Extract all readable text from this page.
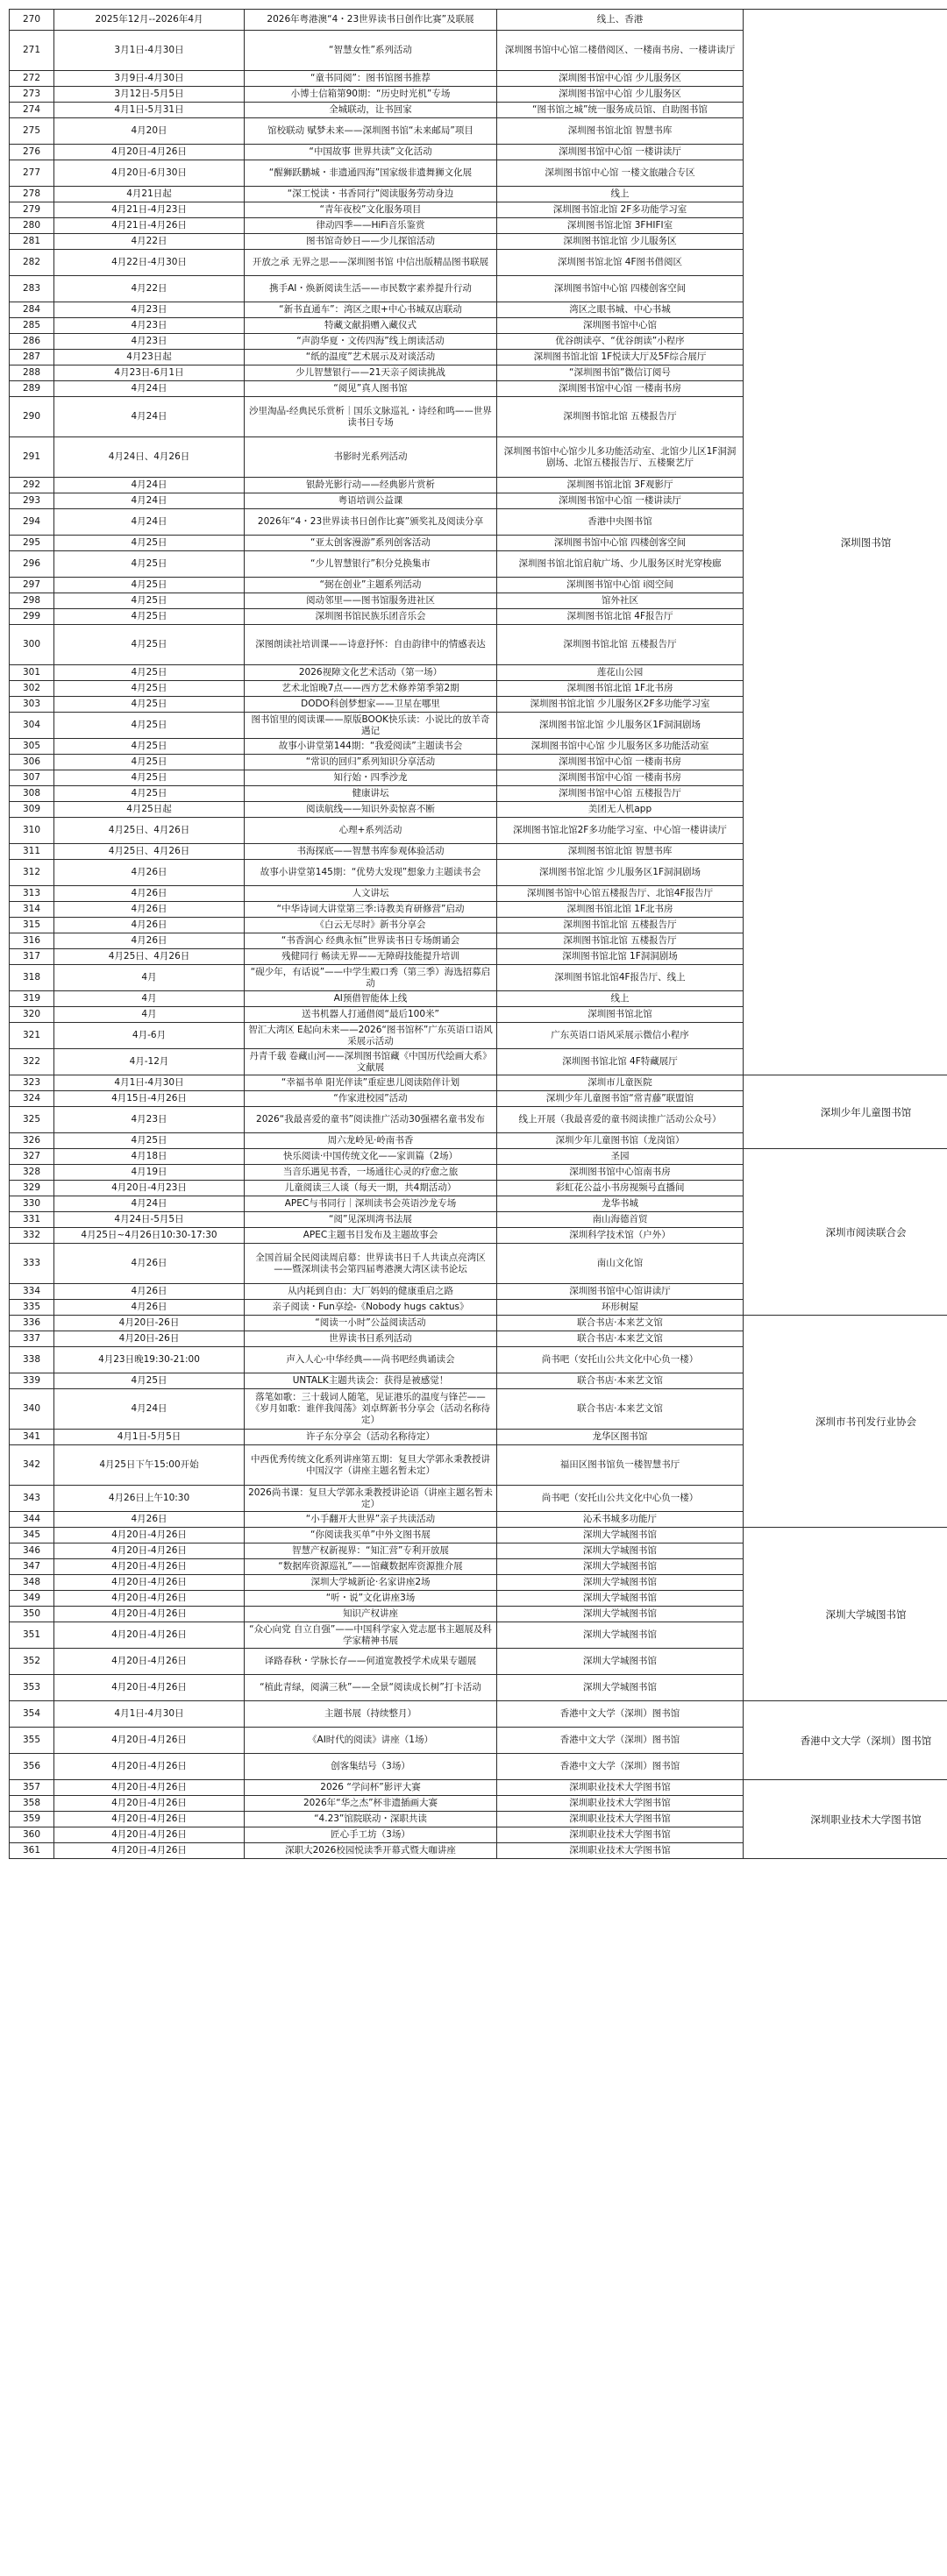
270	2025年12月--2026年4月	2026年粤港澳“4・23世界读书日创作比赛”及联展	线上、香港	深圳图书馆
271	3月1日-4月30日	“智慧女性”系列活动	深圳图书馆中心馆二楼借阅区、一楼南书房、一楼讲读厅	
272	3月9日-4月30日	“童书同阅”：图书馆图书推荐	深圳图书馆中心馆 少儿服务区	
273	3月12日-5月5日	小博士信箱第90期：“历史时光机”专场	深圳图书馆中心馆 少儿服务区	
274	4月1日-5月31日	全城联动，让书回家	“图书馆之城”统一服务成员馆、自助图书馆	
275	4月20日	馆校联动 赋梦未来——深圳图书馆“未来邮局”项目	深圳图书馆北馆 智慧书库	
276	4月20日-4月26日	“中国故事 世界共读”文化活动	深圳图书馆中心馆 一楼讲读厅	
277	4月20日-6月30日	“醒狮跃鹏城・非遗通四海”国家级非遗舞狮文化展	深圳图书馆中心馆 一楼文旅融合专区	
278	4月21日起	“深工悦读・书香同行”阅读服务劳动身边	线上	
279	4月21日-4月23日	“青年夜校”文化服务项目	深圳图书馆北馆 2F多功能学习室	
280	4月21日-4月26日	律动四季——HiFi音乐鉴赏	深圳图书馆北馆 3FHIFI室	
281	4月22日	图书馆奇妙日——少儿探馆活动	深圳图书馆北馆 少儿服务区	
282	4月22日-4月30日	开放之承 无界之思——深圳图书馆 中信出版精品图书联展	深圳图书馆北馆 4F图书借阅区	
283	4月22日	携手AI・焕新阅读生活——市民数字素养提升行动	深圳图书馆中心馆 四楼创客空间	
284	4月23日	“新书直通车”：湾区之眼+中心书城双店联动	湾区之眼书城、中心书城	
285	4月23日	特藏文献捐赠入藏仪式	深圳图书馆中心馆	
286	4月23日	“声韵华夏・文传四海”线上朗读活动	优谷朗读亭、“优谷朗读”小程序	
287	4月23日起	“纸的温度”艺术展示及对谈活动	深圳图书馆北馆 1F悦读大厅及5F综合展厅	
288	4月23日-6月1日	少儿智慧银行——21天亲子阅读挑战	“深圳图书馆”微信订阅号	
289	4月24日	“阅见”真人图书馆	深圳图书馆中心馆 一楼南书房	
290	4月24日	沙里淘晶-经典民乐赏析｜国乐文脉巡礼・诗经和鸣——世界读书日专场	深圳图书馆北馆 五楼报告厅	
291	4月24日、4月26日	书影时光系列活动	深圳图书馆中心馆少儿多功能活动室、北馆少儿区1F洞洞剧场、北馆五楼报告厅、五楼聚艺厅	
292	4月24日	银龄光影行动——经典影片赏析	深圳图书馆北馆 3F观影厅	
293	4月24日	粤语培训公益课	深圳图书馆中心馆 一楼讲读厅	
294	4月24日	2026年“4・23世界读书日创作比赛”颁奖礼及阅读分享	香港中央图书馆	
295	4月25日	“亚太创客漫游”系列创客活动	深圳图书馆中心馆 四楼创客空间	
296	4月25日	“少儿智慧银行”积分兑换集市	深圳图书馆北馆启航广场、少儿服务区时光穿梭廊	
297	4月25日	“弼在创业”主题系列活动	深圳图书馆中心馆 i阅空间	
298	4月25日	阅动邻里——图书馆服务进社区	馆外社区	
299	4月25日	深圳图书馆民族乐团音乐会	深圳图书馆北馆 4F报告厅	
300	4月25日	深图朗读社培训课——诗意抒怀：自由韵律中的情感表达	深圳图书馆北馆 五楼报告厅	
301	4月25日	2026视障文化艺术活动（第一场）	莲花山公园	
302	4月25日	艺术北馆晚7点——西方艺术修养第季第2期	深圳图书馆北馆 1F北书房	
303	4月25日	DODO科创梦想家——卫星在哪里	深圳图书馆北馆 少儿服务区2F多功能学习室	
304	4月25日	图书馆里的阅读课——原版BOOK快乐读：小说比的放羊奇遇记	深圳图书馆北馆 少儿服务区1F洞洞剧场	
305	4月25日	故事小讲堂第144期：“我爱阅读”主题读书会	深圳图书馆中心馆 少儿服务区多功能活动室	
306	4月25日	“常识的回归”系列知识分享活动	深圳图书馆中心馆 一楼南书房	
307	4月25日	知行始・四季沙龙	深圳图书馆中心馆 一楼南书房	
308	4月25日	健康讲坛	深圳图书馆中心馆 五楼报告厅	
309	4月25日起	阅读航线——知识外卖惊喜不断	美团无人机app	
310	4月25日、4月26日	心理+系列活动	深圳图书馆北馆2F多功能学习室、中心馆一楼讲读厅	
311	4月25日、4月26日	书海探底——智慧书库参观体验活动	深圳图书馆北馆 智慧书库	
312	4月26日	故事小讲堂第145期：“优势大发现”想象力主题读书会	深圳图书馆北馆 少儿服务区1F洞洞剧场	
313	4月26日	人文讲坛	深圳图书馆中心馆五楼报告厅、北馆4F报告厅	
314	4月26日	“中华诗词大讲堂第三季:诗教美育研修营”启动	深圳图书馆北馆 1F北书房	
315	4月26日	《白云无尽时》新书分享会	深圳图书馆北馆 五楼报告厅	
316	4月26日	“书香润心 经典永恒”世界读书日专场朗诵会	深圳图书馆北馆 五楼报告厅	
317	4月25日、4月26日	残健同行 畅读无界——无障碍技能提升培训	深圳图书馆北馆 1F洞洞剧场	
318	4月	“砚少年，有话说”——中学生殿口秀（第三季）海选招募启动	深圳图书馆北馆4F报告厅、线上	
319	4月	AI预借智能体上线	线上	
320	4月	送书机器人打通借阅“最后100米”	深圳图书馆北馆	
321	4月-6月	智汇大湾区 E起向未来——2026“图书馆杯”广东英语口语风采展示活动	广东英语口语风采展示微信小程序	
322	4月-12月	丹青千载 卷藏山河——深圳图书馆藏《中国历代绘画大系》文献展	深圳图书馆北馆 4F特藏展厅	
323	4月1日-4月30日	“幸福书单 阳光伴读”重症患儿阅读陪伴计划	深圳市儿童医院	深圳少年儿童图书馆
324	4月15日-4月26日	“作家进校园”活动	深圳少年儿童图书馆“常青藤”联盟馆	
325	4月23日	2026“我最喜爱的童书”阅读推广活动30强褶名童书发布	线上开展（我最喜爱的童书阅读推广活动公众号）	
326	4月25日	周六龙岭见·岭南书香	深圳少年儿童图书馆（龙岗馆）	
327	4月18日	快乐阅读·中国传统文化——家训篇（2场）	圣园	深圳市阅读联合会
328	4月19日	当音乐遇见书香，一场通往心灵的疗愈之旅	深圳图书馆中心馆南书房	
329	4月20日-4月23日	儿童阅读三人谈（每天一期，共4期活动）	彩虹花公益小书房视频号直播间	
330	4月24日	APEC与书同行｜深圳读书会英语沙龙专场	龙华书城	
331	4月24日-5月5日	“阅”见深圳湾书法展	南山海德首贸	
332	4月25日~4月26日10:30-17:30	APEC主题书目发布及主题故事会	深圳科学技术馆（户外）	
333	4月26日	全国首届全民阅读周启幕：世界读书日千人共读点亮湾区——暨深圳读书会第四届粤港澳大湾区读书论坛	南山文化馆	
334	4月26日	从内耗到自由：大厂妈妈的健康重启之路	深圳图书馆中心馆讲读厅	
335	4月26日	亲子阅读・Fun享绘-《Nobody hugs caktus》	环形树屋	
336	4月20日-26日	“阅读一小时”公益阅读活动	联合书店·本来艺文馆	深圳市书刊发行业协会
337	4月20日-26日	世界读书日系列活动	联合书店·本来艺文馆	
338	4月23日晚19:30-21:00	声入人心·中华经典——尚书吧经典诵读会	尚书吧（安托山公共文化中心负一楼）	
339	4月25日	UNTALK主题共读会：获得是被感觉！	联合书店·本来艺文馆	
340	4月24日	落笔如歌：三十载词人随笔，见证港乐的温度与锋芒——《岁月如歌：谁伴我闯荡》刘卓辉新书分享会（活动名称待定）	联合书店·本来艺文馆	
341	4月1日-5月5日	许子东分享会（活动名称待定）	龙华区图书馆	
342	4月25日下午15:00开始	中西优秀传统文化系列讲座第五期：复旦大学郭永秉教授讲中国汉字（讲座主题名暂未定）	福田区图书馆负一楼智慧书厅	
343	4月26日上午10:30	2026尚书课：复旦大学郭永秉教授讲论语（讲座主题名暂未定）	尚书吧（安托山公共文化中心负一楼）	
344	4月26日	“小手翻开大世界”亲子共读活动	沁禾书城多功能厅	
345	4月20日-4月26日	“你阅读我买单”中外文图书展	深圳大学城图书馆	深圳大学城图书馆
346	4月20日-4月26日	智慧产权新视界：“知汇营”专利开放展	深圳大学城图书馆	
347	4月20日-4月26日	“数据库资源巡礼”——馆藏数据库资源推介展	深圳大学城图书馆	
348	4月20日-4月26日	深圳大学城新论·名家讲座2场	深圳大学城图书馆	
349	4月20日-4月26日	“听・说”文化讲座3场	深圳大学城图书馆	
350	4月20日-4月26日	知识产权讲座	深圳大学城图书馆	
351	4月20日-4月26日	“众心向党 自立自强”——中国科学家入党志愿书主题展及科学家精神书展	深圳大学城图书馆	
352	4月20日-4月26日	译路春秋・学脉长存——何道宽教授学术成果专题展	深圳大学城图书馆	
353	4月20日-4月26日	“植此青绿，阅满三秋”——全景“阅读成长树”打卡活动	深圳大学城图书馆	
354	4月1日-4月30日	主题书展（持续整月）	香港中文大学（深圳）图书馆	香港中文大学（深圳）图书馆
355	4月20日-4月26日	《AI时代的阅读》讲座（1场）	香港中文大学（深圳）图书馆	
356	4月20日-4月26日	创客集结号（3场）	香港中文大学（深圳）图书馆	
357	4月20日-4月26日	2026 “学问杯”影评大赛	深圳职业技术大学图书馆	深圳职业技术大学图书馆
358	4月20日-4月26日	2026年“华之杰”杯非遗插画大赛	深圳职业技术大学图书馆	
359	4月20日-4月26日	“4.23”馆院联动・深职共读	深圳职业技术大学图书馆	
360	4月20日-4月26日	匠心手工坊（3场）	深圳职业技术大学图书馆	
361	4月20日-4月26日	深职大2026校园悦读季开幕式暨大咖讲座	深圳职业技术大学图书馆	
